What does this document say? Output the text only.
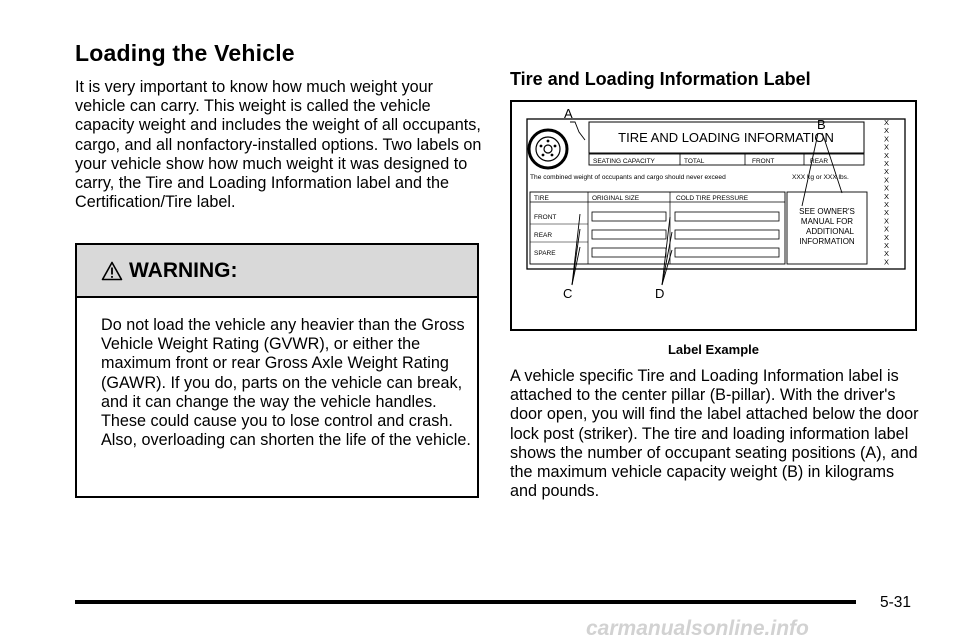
Loading the Vehicle

It is very important to know how much weight your vehicle can carry. This weight is called the vehicle capacity weight and includes the weight of all occupants, cargo, and all nonfactory-installed options. Two labels on your vehicle show how much weight it was designed to carry, the Tire and Loading Information label and the Certification/Tire label.

WARNING:
Do not load the vehicle any heavier than the Gross Vehicle Weight Rating (GVWR), or either the maximum front or rear Gross Axle Weight Rating (GAWR). If you do, parts on the vehicle can break, and it can change the way the vehicle handles. These could cause you to lose control and crash. Also, overloading can shorten the life of the vehicle.
Tire and Loading Information Label
TIRE AND LOADING INFORMATION
SEATING CAPACITY	TOTAL	FRONT	REAR
The combined weight of occupants and cargo should never exceed	XXX kg or XXX lbs.
TIRE	ORIGINAL SIZE	COLD TIRE PRESSURE
FRONT
REAR
SPARE
SEE OWNER'S
MANUAL FOR
ADDITIONAL
INFORMATION
X
X
X
X
X
X
X
X
X
X
X
X
X
X
X
X
X
X
A
B
C	D
Label Example

A vehicle specific Tire and Loading Information label is attached to the center pillar (B-pillar). With the driver's door open, you will find the label attached below the door lock post (striker). The tire and loading information label shows the number of occupant seating positions (A), and the maximum vehicle capacity weight (B) in kilograms and pounds.

5-31
carmanualsonline.info
